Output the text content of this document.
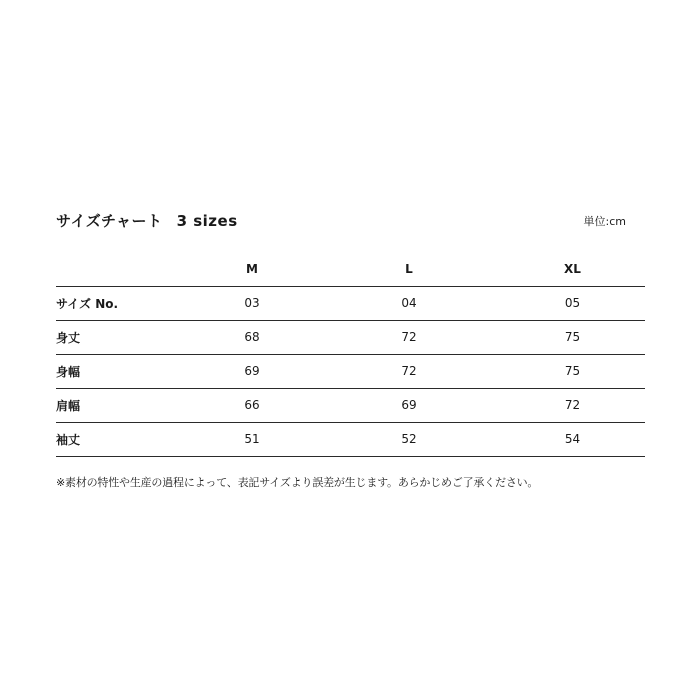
サイズチャート 3 sizes	単位:cm
	M	L	XL
サイズ No.	03	04	05
身丈	68	72	75
身幅	69	72	75
肩幅	66	69	72
袖丈	51	52	54
※素材の特性や生産の過程によって、表記サイズより誤差が生じます。あらかじめご了承ください。
